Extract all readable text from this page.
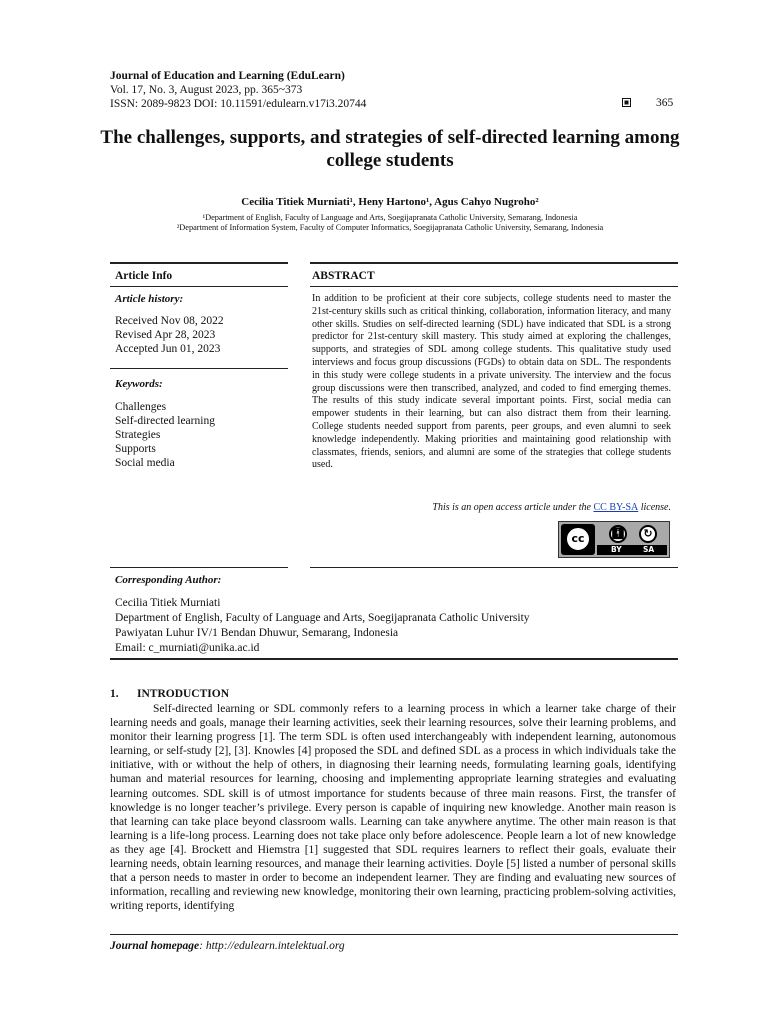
Journal of Education and Learning (EduLearn)
Vol. 17, No. 3, August 2023, pp. 365~373
ISSN: 2089-9823 DOI: 10.11591/edulearn.v17i3.20744	365
The challenges, supports, and strategies of self-directed learning among college students
Cecilia Titiek Murniati¹, Heny Hartono¹, Agus Cahyo Nugroho²
¹Department of English, Faculty of Language and Arts, Soegijapranata Catholic University, Semarang, Indonesia
²Department of Information System, Faculty of Computer Informatics, Soegijapranata Catholic University, Semarang, Indonesia
Article Info	ABSTRACT
Article history:
Received Nov 08, 2022
Revised Apr 28, 2023
Accepted Jun 01, 2023
Keywords:
Challenges
Self-directed learning
Strategies
Supports
Social media
In addition to be proficient at their core subjects, college students need to master the 21st-century skills such as critical thinking, collaboration, information literacy, and many other skills. Studies on self-directed learning (SDL) have indicated that SDL is a strong predictor for 21st-century skill mastery. This study aimed at exploring the challenges, supports, and strategies of SDL among college students. This qualitative study used interviews and focus group discussions (FGDs) to obtain data on SDL. The respondents in this study were college students in a private university. The interview and the focus group discussions were then transcribed, analyzed, and coded to find emerging themes. The results of this study indicate several important points. First, social media can empower students in their learning, but can also distract them from their learning. College students needed support from parents, peer groups, and even alumni to seek knowledge independently. Making priorities and maintaining good relationship with classmates, friends, seniors, and alumni are some of the strategies that college students used.
This is an open access article under the CC BY-SA license.
cc	🚹︎	↻
BY	SA
Corresponding Author:
Cecilia Titiek Murniati
Department of English, Faculty of Language and Arts, Soegijapranata Catholic University
Pawiyatan Luhur IV/1 Bendan Dhuwur, Semarang, Indonesia
Email: c_murniati@unika.ac.id
1. INTRODUCTION

Self-directed learning or SDL commonly refers to a learning process in which a learner take charge of their learning needs and goals, manage their learning activities, seek their learning resources, solve their learning problems, and monitor their learning progress [1]. The term SDL is often used interchangeably with independent learning, autonomous learning, or self-study [2], [3]. Knowles [4] proposed the SDL and defined SDL as a process in which individuals take the initiative, with or without the help of others, in diagnosing their learning needs, formulating learning goals, identifying human and material resources for learning, choosing and implementing appropriate learning strategies and evaluating learning outcomes. SDL skill is of utmost importance for students because of three main reasons. First, the transfer of knowledge is no longer teacher’s privilege. Every person is capable of inquiring new knowledge. Another main reason is that learning can take place beyond classroom walls. Learning can take anywhere anytime. The other main reason is that learning is a life-long process. Learning does not take place only before adolescence. People learn a lot of new knowledge as they age [4]. Brockett and Hiemstra [1] suggested that SDL requires learners to reflect their goals, evaluate their learning needs, obtain learning resources, and manage their learning activities. Doyle [5] listed a number of personal skills that a person needs to master in order to become an independent learner. They are finding and evaluating new sources of information, recalling and reviewing new knowledge, monitoring their own learning, practicing problem-solving activities, writing reports, identifying

Journal homepage: http://edulearn.intelektual.org
